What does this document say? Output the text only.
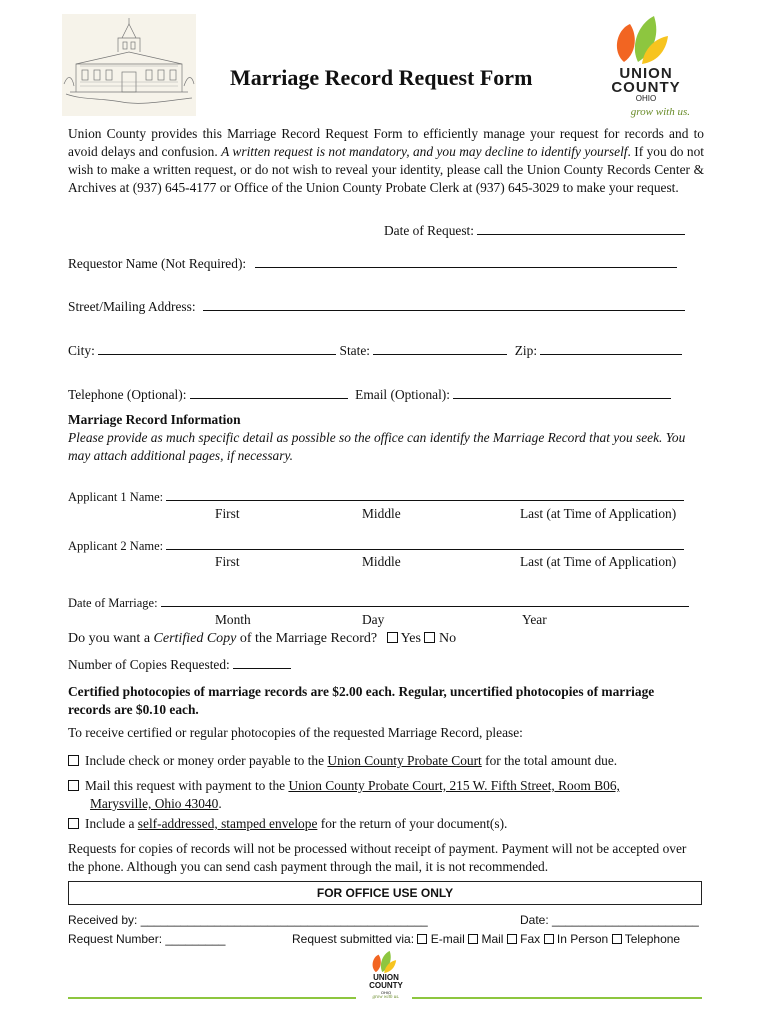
Marriage Record Request Form	UNION
COUNTY
OHIO
grow with us.
Union County provides this Marriage Record Request Form to efficiently manage your request for records and to avoid delays and confusion. A written request is not mandatory, and you may decline to identify yourself. If you do not wish to make a written request, or do not wish to reveal your identity, please call the Union County Records Center & Archives at (937) 645-4177 or Office of the Union County Probate Clerk at (937) 645-3029 to make your request.
Date of Request:
Requestor Name (Not Required):
Street/Mailing Address:
City:	State:	Zip:
Telephone (Optional):	Email (Optional):
Marriage Record Information
Please provide as much specific detail as possible so the office can identify the Marriage Record that you seek. You may attach additional pages, if necessary.
Applicant 1 Name:
First	Middle	Last (at Time of Application)
Applicant 2 Name:
First	Middle	Last (at Time of Application)
Date of Marriage:
Month	Day	Year
Do you want a Certified Copy of the Marriage Record? Yes No
Number of Copies Requested:
Certified photocopies of marriage records are $2.00 each. Regular, uncertified photocopies of marriage records are $0.10 each.
To receive certified or regular photocopies of the requested Marriage Record, please:
Include check or money order payable to the Union County Probate Court for the total amount due.
Mail this request with payment to the Union County Probate Court, 215 W. Fifth Street, Room B06,
Marysville, Ohio 43040.
Include a self-addressed, stamped envelope for the return of your document(s).
Requests for copies of records will not be processed without receipt of payment. Payment will not be accepted over the phone. Although you can send cash payment through the mail, it is not recommended.
FOR OFFICE USE ONLY
Received by: ___________________________________________	Date: ______________________
Request Number: _________	Request submitted via: E-mail Mail Fax In Person Telephone
UNION
COUNTY
OHIO
grow with us.
